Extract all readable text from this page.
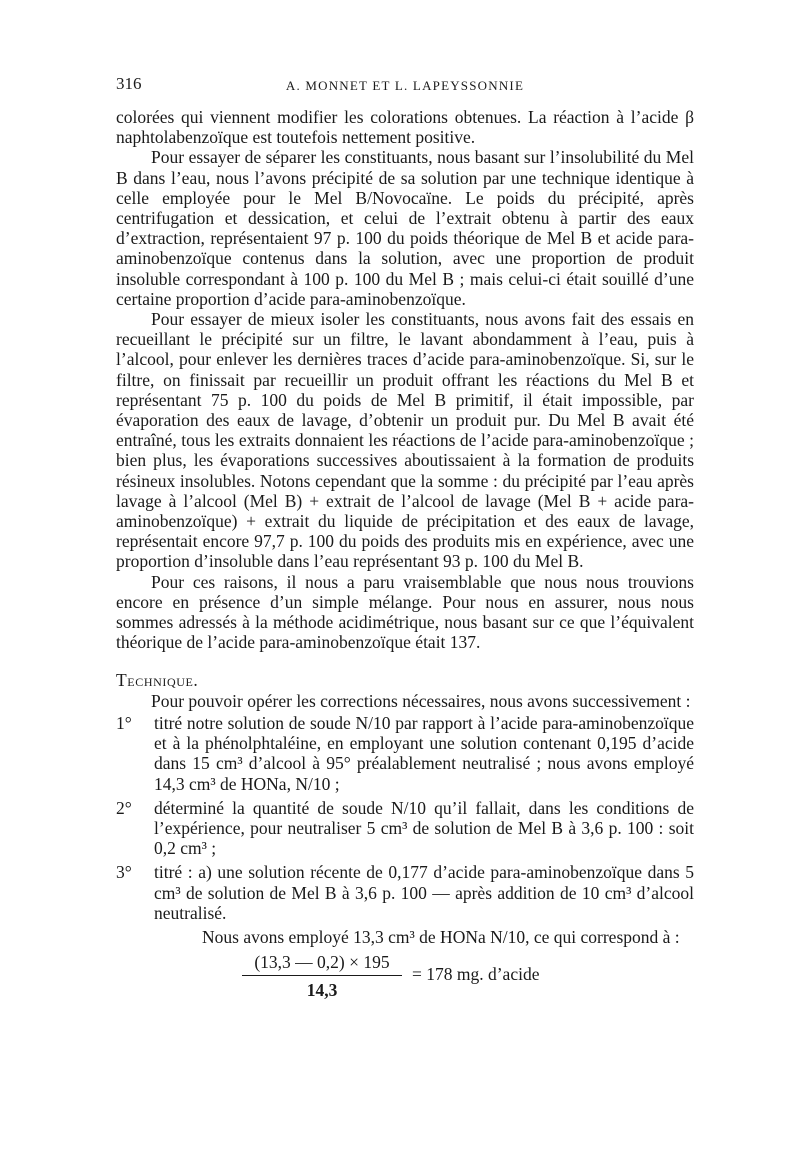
316	A. MONNET ET L. LAPEYSSONNIE

colorées qui viennent modifier les colorations obtenues. La réaction à l’acide β naphtolabenzoïque est toutefois nettement positive.

Pour essayer de séparer les constituants, nous basant sur l’insolubilité du Mel B dans l’eau, nous l’avons précipité de sa solution par une technique identique à celle employée pour le Mel B/Novocaïne. Le poids du précipité, après centrifugation et dessication, et celui de l’extrait obtenu à partir des eaux d’extraction, représentaient 97 p. 100 du poids théorique de Mel B et acide para-aminobenzoïque contenus dans la solution, avec une proportion de produit insoluble correspondant à 100 p. 100 du Mel B ; mais celui-ci était souillé d’une certaine proportion d’acide para-aminobenzoïque.

Pour essayer de mieux isoler les constituants, nous avons fait des essais en recueillant le précipité sur un filtre, le lavant abondamment à l’eau, puis à l’alcool, pour enlever les dernières traces d’acide para-aminobenzoïque. Si, sur le filtre, on finissait par recueillir un produit offrant les réactions du Mel B et représentant 75 p. 100 du poids de Mel B primitif, il était impossible, par évaporation des eaux de lavage, d’obtenir un produit pur. Du Mel B avait été entraîné, tous les extraits donnaient les réactions de l’acide para-aminobenzoïque ; bien plus, les évaporations successives aboutissaient à la formation de produits résineux insolubles. Notons cependant que la somme : du précipité par l’eau après lavage à l’alcool (Mel B) + extrait de l’alcool de lavage (Mel B + acide para-aminobenzoïque) + extrait du liquide de précipitation et des eaux de lavage, représentait encore 97,7 p. 100 du poids des produits mis en expérience, avec une proportion d’insoluble dans l’eau représentant 93 p. 100 du Mel B.

Pour ces raisons, il nous a paru vraisemblable que nous nous trouvions encore en présence d’un simple mélange. Pour nous en assurer, nous nous sommes adressés à la méthode acidimétrique, nous basant sur ce que l’équivalent théorique de l’acide para-aminobenzoïque était 137.

Technique.

Pour pouvoir opérer les corrections nécessaires, nous avons successivement :

1°	titré notre solution de soude N/10 par rapport à l’acide para-aminobenzoïque et à la phénolphtaléine, en employant une solution contenant 0,195 d’acide dans 15 cm³ d’alcool à 95° préalablement neutralisé ; nous avons employé 14,3 cm³ de HONa, N/10 ;
2°	déterminé la quantité de soude N/10 qu’il fallait, dans les conditions de l’expérience, pour neutraliser 5 cm³ de solution de Mel B à 3,6 p. 100 : soit 0,2 cm³ ;
3°	titré : a) une solution récente de 0,177 d’acide para-aminobenzoïque dans 5 cm³ de solution de Mel B à 3,6 p. 100 — après addition de 10 cm³ d’alcool neutralisé.

Nous avons employé 13,3 cm³ de HONa N/10, ce qui correspond à :

(13,3 — 0,2) × 195
14,3
= 178 mg. d’acide
